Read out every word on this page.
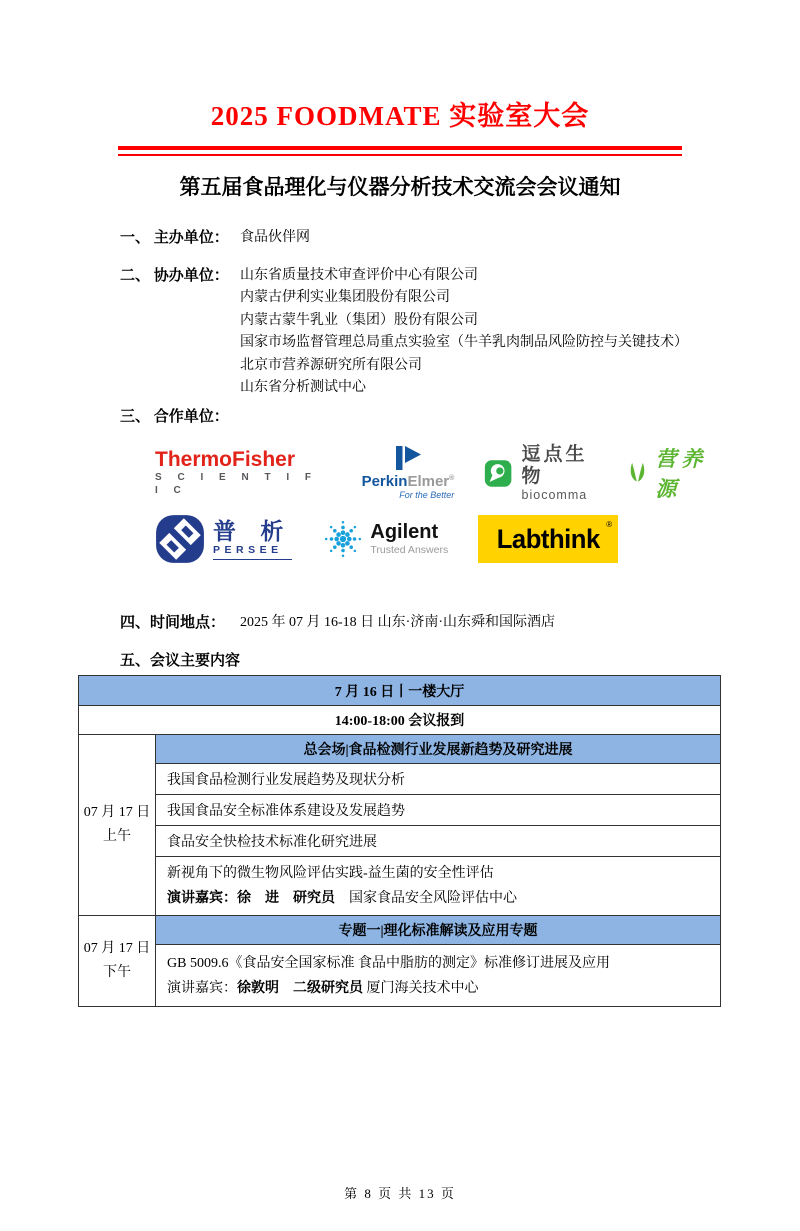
2025 FOODMATE 实验室大会
第五届食品理化与仪器分析技术交流会会议通知
一、 主办单位： 食品伙伴网
二、 协办单位： 山东省质量技术审查评价中心有限公司
内蒙古伊利实业集团股份有限公司
内蒙古蒙牛乳业（集团）股份有限公司
国家市场监督管理总局重点实验室（牛羊乳肉制品风险防控与关键技术）
北京市营养源研究所有限公司
山东省分析测试中心
三、 合作单位：
ThermoFisher
S C I E N T I F I C
PerkinElmer®
For the Better
逗点生物
biocomma
营养源
普 析
PERSEE
Agilent
Trusted Answers Labthink ®
四、时间地点：	2025 年 07 月 16-18 日 山东·济南·山东舜和国际酒店
五、会议主要内容
7 月 16 日丨一楼大厅	
14:00-18:00 会议报到	

07 月 17 日
上午	总会场|食品检测行业发展新趋势及研究进展
	我国食品检测行业发展趋势及现状分析
	我国食品安全标准体系建设及发展趋势
	食品安全快检技术标准化研究进展

	新视角下的微生物风险评估实践-益生菌的安全性评估
演讲嘉宾：徐　进　研究员　 国家食品安全风险评估中心

07 月 17 日
下午	专题一|理化标准解读及应用专题

	GB 5009.6《食品安全国家标准 食品中脂肪的测定》标准修订进展及应用
演讲嘉宾：徐敦明　二级研究员 厦门海关技术中心
第 8 页 共 13 页
